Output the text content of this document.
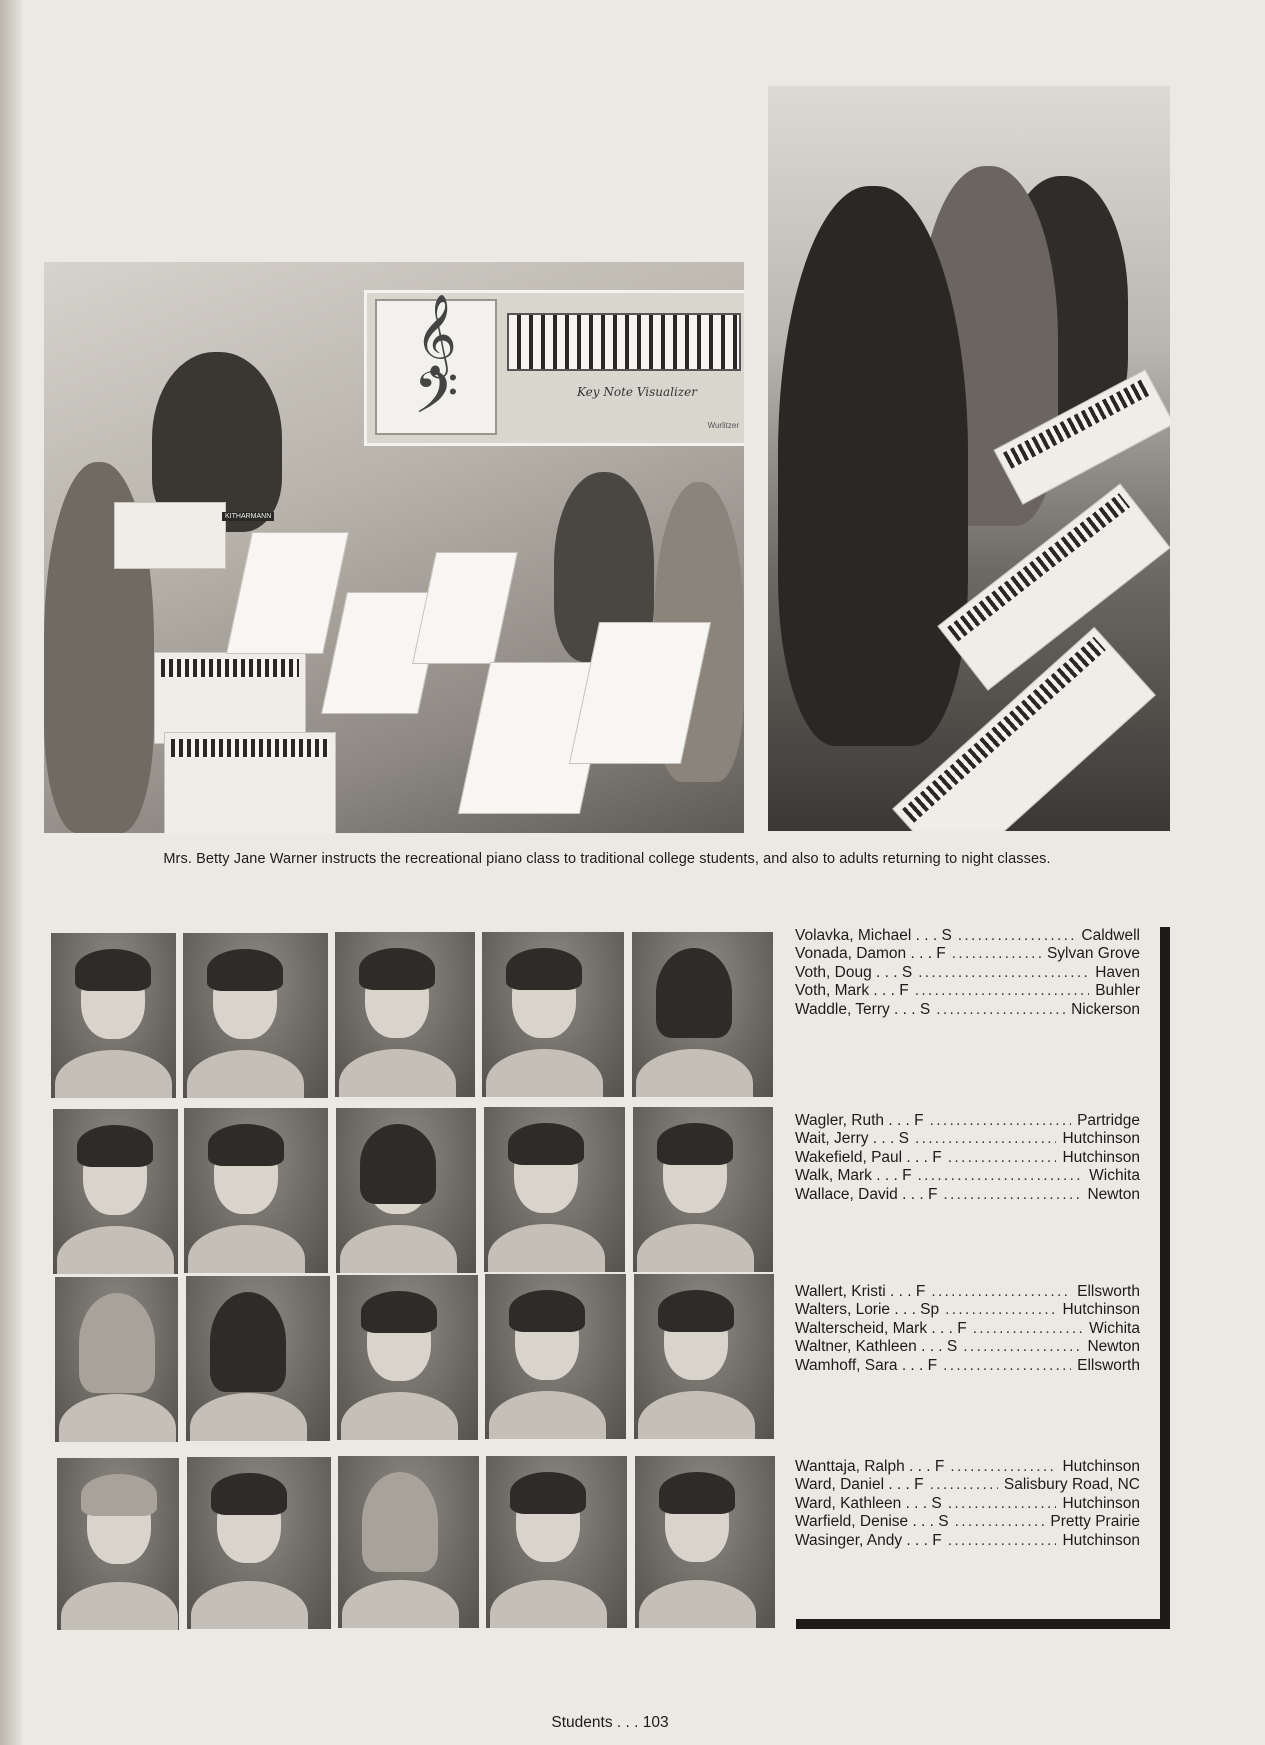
𝄞
𝄢	Key Note Visualizer
Wurlitzer
KITHARMANN
Mrs. Betty Jane Warner instructs the recreational piano class to traditional college students, and also to adults returning to night classes.
Volavka, Michael . . . S . . .	Caldwell
Vonada, Damon . . . F . . .	Sylvan Grove
Voth, Doug . . . S . . .	Haven
Voth, Mark . . . F . . .	Buhler
Waddle, Terry . . . S . . .	Nickerson
Wagler, Ruth . . . F . . .	Partridge
Wait, Jerry . . . S . . .	Hutchinson
Wakefield, Paul . . . F . . .	Hutchinson
Walk, Mark . . . F . . .	Wichita
Wallace, David . . . F . . .	Newton
Wallert, Kristi . . . F . . .	Ellsworth
Walters, Lorie . . . Sp . . .	Hutchinson
Walterscheid, Mark . . . F . . .	Wichita
Waltner, Kathleen . . . S . . .	Newton
Wamhoff, Sara . . . F . . .	Ellsworth
Wanttaja, Ralph . . . F . . .	Hutchinson
Ward, Daniel . . . F . . .	Salisbury Road, NC
Ward, Kathleen . . . S . . .	Hutchinson
Warfield, Denise . . . S . . .	Pretty Prairie
Wasinger, Andy . . . F . . .	Hutchinson
Students . . . 103
